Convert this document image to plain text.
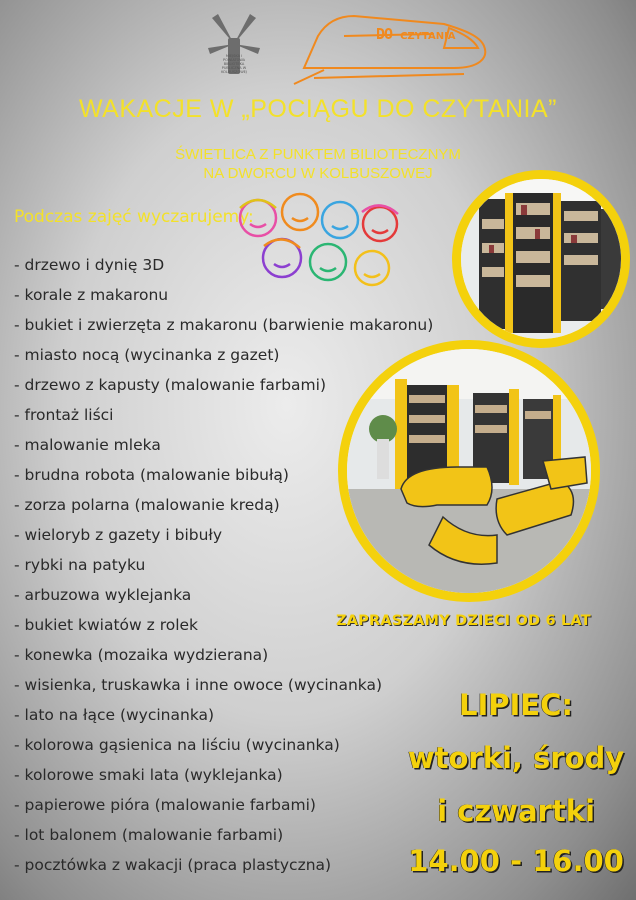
MIEJSKA I POWIATOWA BIBLIOTEKA PUBLICZNA W KOLBUSZOWEJ
DO CZYTANIA
WAKACJE W „POCIĄGU DO CZYTANIA”
ŚWIETLICA Z PUNKTEM BILIOTECZNYM
NA DWORCU W KOLBUSZOWEJ
Podczas zajęć wyczarujemy:
- drzewo i dynię 3D
- korale z makaronu
- bukiet i zwierzęta z makaronu (barwienie makaronu)
- miasto nocą (wycinanka z gazet)
- drzewo z kapusty (malowanie farbami)
- frontaż liści
- malowanie mleka
- brudna robota (malowanie bibułą)
- zorza polarna (malowanie kredą)
- wieloryb z gazety i bibuły
- rybki na patyku
- arbuzowa wyklejanka
- bukiet kwiatów z rolek
- konewka (mozaika wydzierana)
- wisienka, truskawka i inne owoce (wycinanka)
- lato na łące (wycinanka)
- kolorowa gąsienica na liściu (wycinanka)
- kolorowe smaki lata (wyklejanka)
- papierowe pióra (malowanie farbami)
- lot balonem (malowanie farbami)
- pocztówka z wakacji (praca plastyczna)
ZAPRASZAMY DZIECI OD 6 LAT
LIPIEC:
wtorki, środy
i czwartki
14.00 - 16.00
